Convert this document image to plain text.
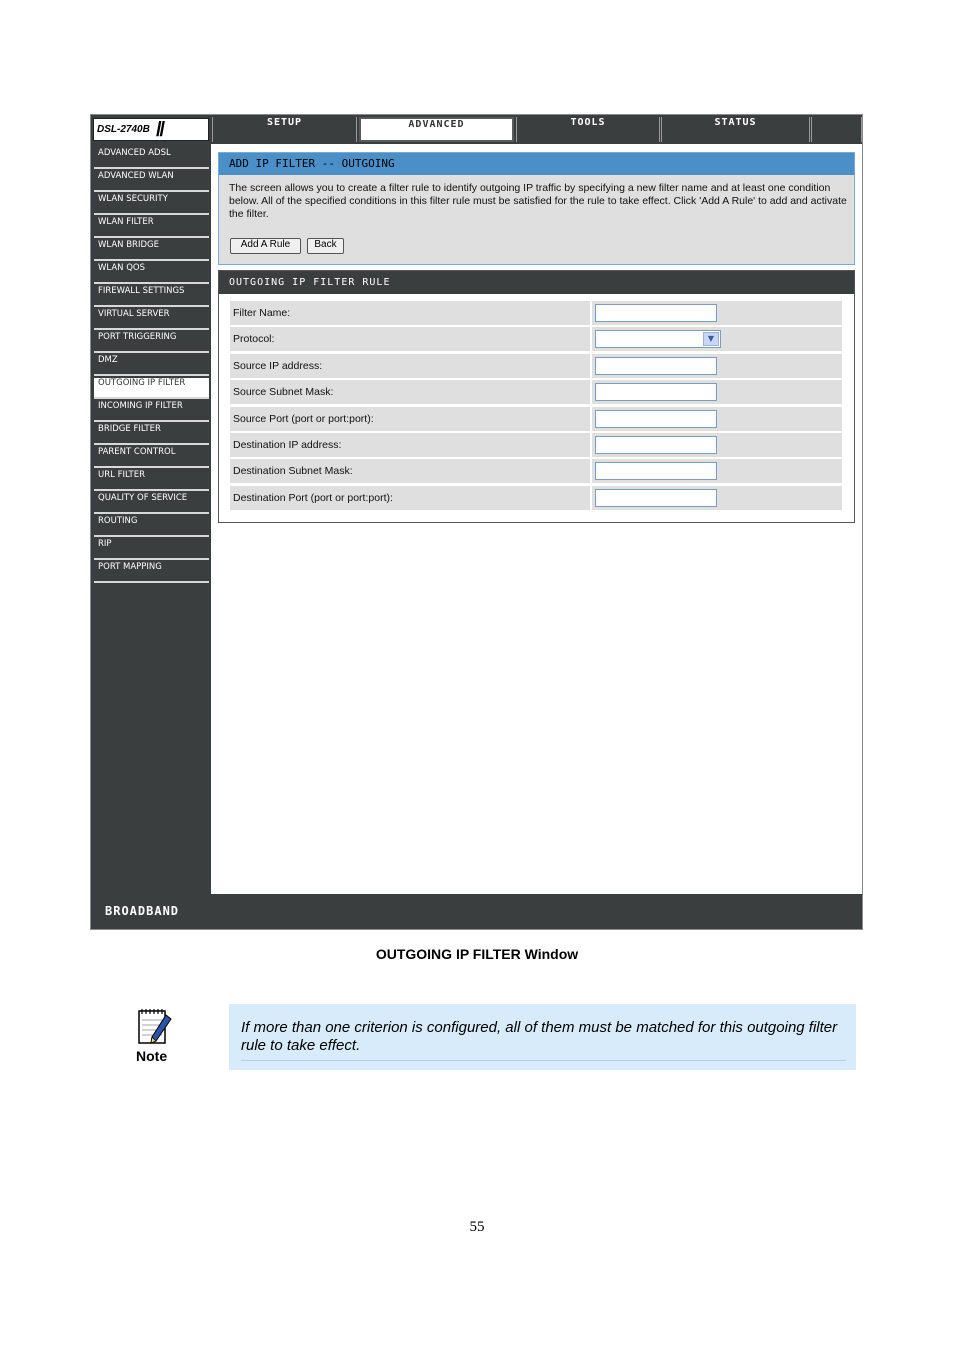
DSL-2740B //	SETUP	ADVANCED	TOOLS	STATUS
ADVANCED ADSL
ADVANCED WLAN
WLAN SECURITY
WLAN FILTER
WLAN BRIDGE
WLAN QOS
FIREWALL SETTINGS
VIRTUAL SERVER
PORT TRIGGERING
DMZ
OUTGOING IP FILTER
INCOMING IP FILTER
BRIDGE FILTER
PARENT CONTROL
URL FILTER
QUALITY OF SERVICE
ROUTING
RIP
PORT MAPPING
ADD IP FILTER -- OUTGOING
The screen allows you to create a filter rule to identify outgoing IP traffic by specifying a new filter name and at least one condition below. All of the specified conditions in this filter rule must be satisfied for the rule to take effect. Click 'Add A Rule' to add and activate the filter.
Add A Rule	Back
OUTGOING IP FILTER RULE
Filter Name:
Protocol:	▼
Source IP address:
Source Subnet Mask:
Source Port (port or port:port):
Destination IP address:
Destination Subnet Mask:
Destination Port (port or port:port):
BROADBAND
OUTGOING IP FILTER Window
Note
If more than one criterion is configured, all of them must be matched for this outgoing filter rule to take effect.
55
